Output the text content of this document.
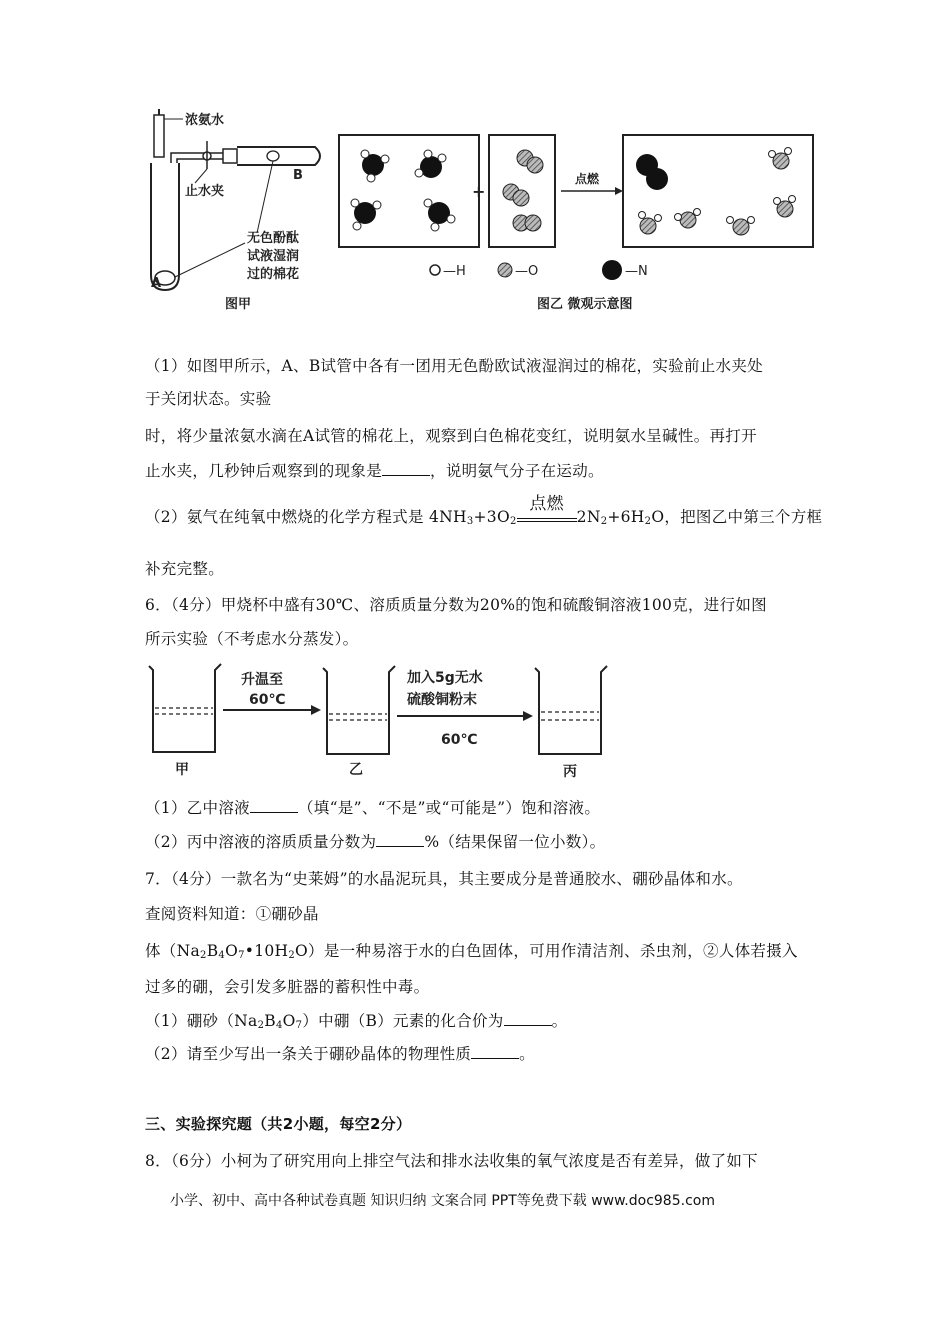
浓氨水
止水夹
B
A
无色酚酞
试液湿润
过的棉花
图甲
+
点燃
—H	—O	—N
图乙 微观示意图
（1）如图甲所示，A、B试管中各有一团用无色酚欧试液湿润过的棉花，实验前止水夹处
于关闭状态。实验
时，将少量浓氨水滴在A试管的棉花上，观察到白色棉花变红，说明氨水呈碱性。再打开
止水夹，几秒钟后观察到的现象是	，说明氨气分子在运动。
（2）氨气在纯氧中燃烧的化学方程式是 $4NH_3+3O_2$
点燃
$2N_2+6H_2O$，把图乙中第三个方框
补充完整。
6．（4分）甲烧杯中盛有30℃、溶质质量分数为20%的饱和硫酸铜溶液100克，进行如图
所示实验（不考虑水分蒸发）。
甲
升温至
60℃
乙
加入5g无水
硫酸铜粉末
60℃
丙
（1）乙中溶液	（填“是”、“不是”或“可能是”）饱和溶液。
（2）丙中溶液的溶质质量分数为	%（结果保留一位小数）。
7．（4分）一款名为“史莱姆”的水晶泥玩具，其主要成分是普通胶水、硼砂晶体和水。
查阅资料知道：①硼砂晶
体$(Na_2B_4O_7•10H_2O)$是一种易溶于水的白色固体，可用作清洁剂、杀虫剂，②人体若摄入
过多的硼，会引发多脏器的蓄积性中毒。
（1）硼砂$(Na_2B_4O_7)$中硼（B）元素的化合价为	。
（2）请至少写出一条关于硼砂晶体的物理性质	。
三、实验探究题（共2小题，每空2分）
8．（6分）小柯为了研究用向上排空气法和排水法收集的氧气浓度是否有差异，做了如下
小学、初中、高中各种试卷真题 知识归纳 文案合同 PPT等免费下载 www.doc985.com
